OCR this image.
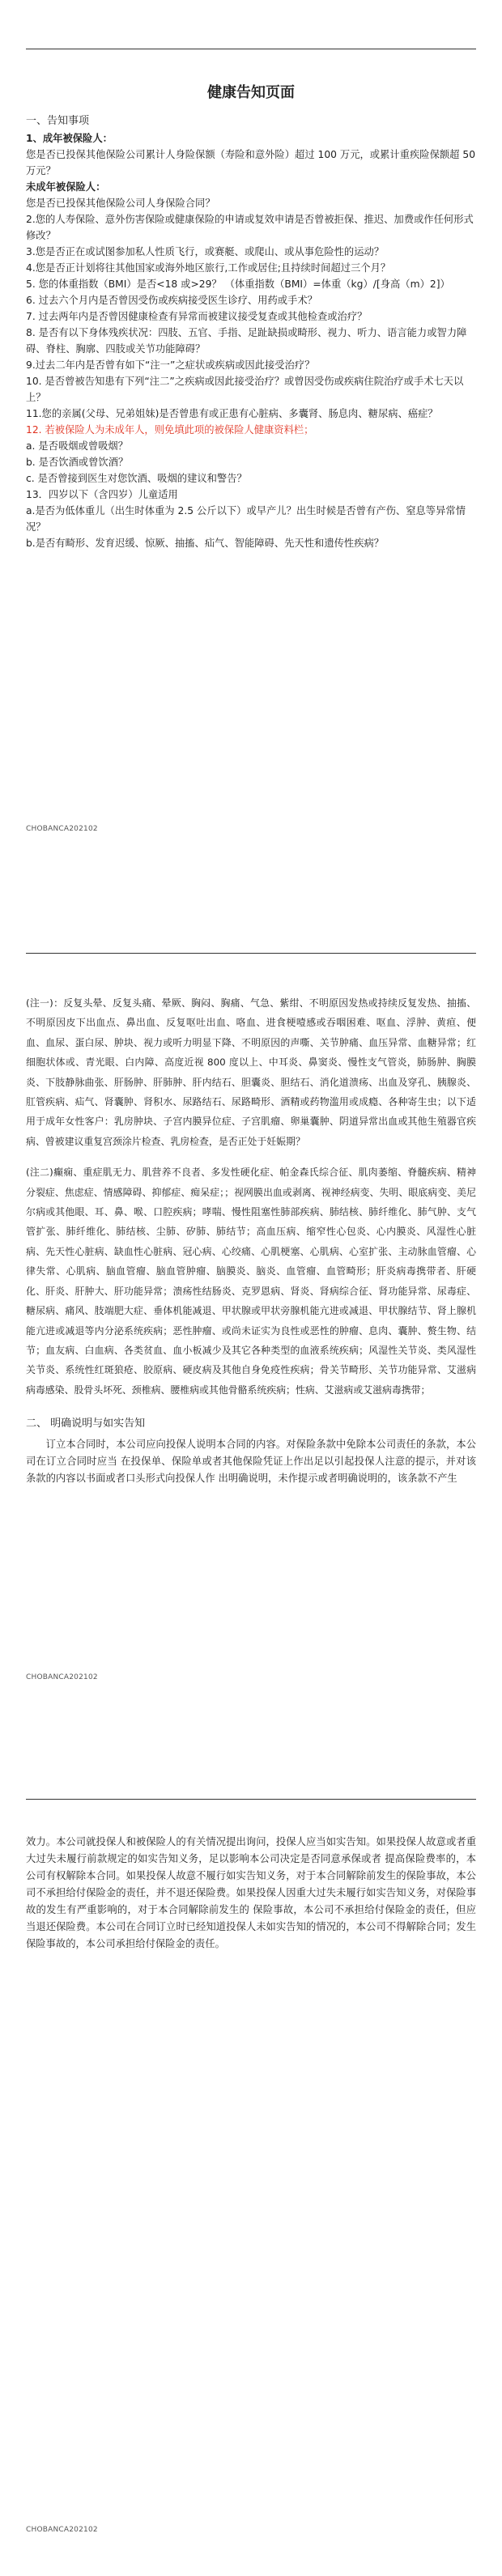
健康告知页面

一、告知事项

1、成年被保险人：

您是否已投保其他保险公司累计人身险保额（寿险和意外险）超过 100 万元，或累计重疾险保额超 50 万元？

未成年被保险人：

您是否已投保其他保险公司人身保险合同？

2.您的人寿保险、意外伤害保险或健康保险的申请或复效申请是否曾被拒保、推迟、加费或作任何形式修改？

3.您是否正在或试图参加私人性质飞行，或赛艇、或爬山、或从事危险性的运动？

4.您是否正计划将往其他国家或海外地区旅行,工作或居住;且持续时间超过三个月？

5. 您的体重指数（BMI）是否<18 或>29？ （体重指数（BMI）=体重（kg）/[身高（m）2]）

6. 过去六个月内是否曾因受伤或疾病接受医生诊疗、用药或手术？

7. 过去两年内是否曾因健康检查有异常而被建议接受复查或其他检查或治疗？

8. 是否有以下身体残疾状况：四肢、五官、手指、足趾缺损或畸形、视力、听力、语言能力或智力障碍、脊柱、胸廓、四肢或关节功能障碍？

9.过去二年内是否曾有如下“注一”之症状或疾病或因此接受治疗？

10. 是否曾被告知患有下列“注二”之疾病或因此接受治疗？或曾因受伤或疾病住院治疗或手术七天以上？

11.您的亲属(父母、兄弟姐妹)是否曾患有或正患有心脏病、多囊肾、肠息肉、糖尿病、癌症？

12. 若被保险人为未成年人，则免填此项的被保险人健康资料栏；

a. 是否吸烟或曾吸烟？

b. 是否饮酒或曾饮酒？

c. 是否曾接到医生对您饮酒、吸烟的建议和警告？

13．四岁以下（含四岁）儿童适用

a.是否为低体重儿（出生时体重为 2.5 公斤以下）或早产儿？出生时候是否曾有产伤、窒息等异常情况？

b.是否有畸形、发育迟缓、惊厥、抽搐、疝气、智能障碍、先天性和遗传性疾病？

CHOBANCA202102

(注一)：反复头晕、反复头痛、晕厥、胸闷、胸痛、气急、紫绀、不明原因发热或持续反复发热、抽搐、不明原因皮下出血点、鼻出血、反复呕吐出血、咯血、进食梗噎感或吞咽困难、呕血、浮肿、黄疸、便血、血尿、蛋白尿、肿块、视力或听力明显下降、不明原因的声嘶、关节肿痛、血压异常、血糖异常；红细胞状体或、青光眼、白内障、高度近视 800 度以上、中耳炎、鼻窦炎、慢性支气管炎，肺肠肿、胸膜炎、下肢静脉曲张、肝肠肿、肝肺肿、肝内结石、胆囊炎、胆结石、消化道溃疡、出血及穿孔、胰腺炎、肛管疾病、疝气、肾囊肿、肾积水、尿路结石、尿路畸形、酒精或药物滥用或成瘾、各种寄生虫；以下适用于成年女性客户：乳房肿块、子宫内膜异位症、子宫肌瘤、卵巢囊肿、阴道异常出血或其他生殖器官疾病、曾被建议重复宫颈涂片检查、乳房检查，是否正处于妊娠期？

(注二)癫痫、重症肌无力、肌营养不良者、多发性硬化症、帕金森氏综合征、肌肉萎缩、脊髓疾病、精神分裂症、焦虑症、情感障碍、抑郁症、痴呆症；；视网膜出血或剥离、视神经病变、失明、眼底病变、美尼尔病或其他眼、耳、鼻、喉、口腔疾病；哮喘、慢性阻塞性肺部疾病、肺结核、肺纤维化、肺气肿、支气管扩张、肺纤维化、肺结核、尘肺、矽肺、肺结节；高血压病、缩窄性心包炎、心内膜炎、风湿性心脏病、先天性心脏病、缺血性心脏病、冠心病、心绞痛、心肌梗塞、心肌病、心室扩张、主动脉血管瘤、心律失常、心肌病、脑血管瘤、脑血管肿瘤、脑膜炎、脑炎、血管瘤、血管畸形；肝炎病毒携带者、肝硬化、肝炎、肝肿大、肝功能异常；溃疡性结肠炎、克罗恩病、肾炎、肾病综合征、肾功能异常、尿毒症、糖尿病、痛风、肢端肥大症、垂体机能减退、甲状腺或甲状旁腺机能亢进或减退、甲状腺结节、肾上腺机能亢进或减退等内分泌系统疾病；恶性肿瘤、或尚未证实为良性或恶性的肿瘤、息肉、囊肿、赘生物、结节；血友病、白血病、各类贫血、血小板减少及其它各种类型的血液系统疾病；风湿性关节炎、类风湿性关节炎、系统性红斑狼疮、胶原病、硬皮病及其他自身免疫性疾病；骨关节畸形、关节功能异常、艾滋病病毒感染、股骨头坏死、颈椎病、腰椎病或其他骨骼系统疾病；性病、艾滋病或艾滋病毒携带；

二、 明确说明与如实告知

订立本合同时，本公司应向投保人说明本合同的内容。对保险条款中免除本公司责任的条款，本公司在订立合同时应当 在投保单、保险单或者其他保险凭证上作出足以引起投保人注意的提示，并对该条款的内容以书面或者口头形式向投保人作 出明确说明，未作提示或者明确说明的，该条款不产生

CHOBANCA202102

效力。本公司就投保人和被保险人的有关情况提出询问，投保人应当如实告知。如果投保人故意或者重大过失未履行前款规定的如实告知义务，足以影响本公司决定是否同意承保或者 提高保险费率的，本公司有权解除本合同。如果投保人故意不履行如实告知义务，对于本合同解除前发生的保险事故，本公司不承担给付保险金的责任，并不退还保险费。如果投保人因重大过失未履行如实告知义务，对保险事故的发生有严重影响的，对于本合同解除前发生的 保险事故，本公司不承担给付保险金的责任，但应当退还保险费。本公司在合同订立时已经知道投保人未如实告知的情况的，本公司不得解除合同；发生保险事故的，本公司承担给付保险金的责任。

CHOBANCA202102
